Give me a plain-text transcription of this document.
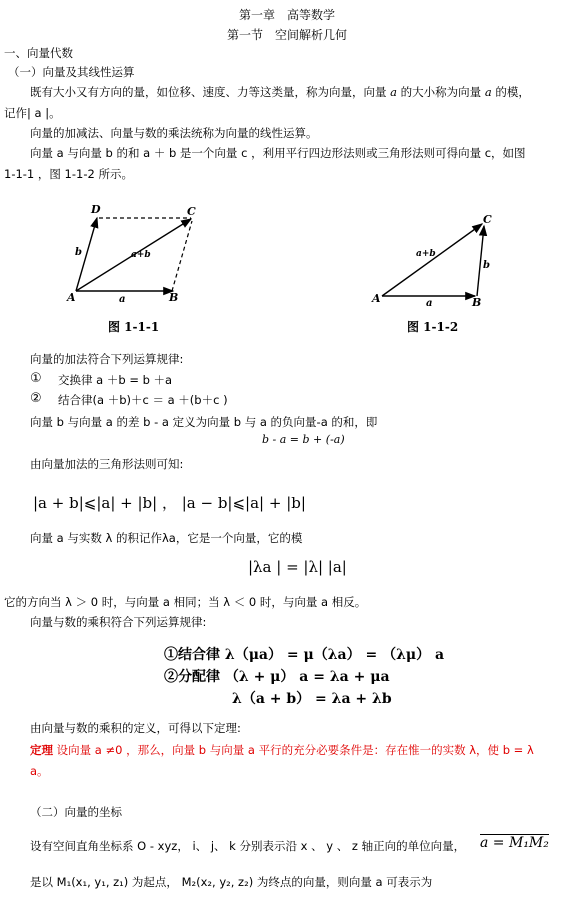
第一章　高等数学
第一节　空间解析几何
一、向量代数
（一）向量及其线性运算
既有大小又有方向的量，如位移、速度、力等这类量，称为向量，向量 a 的大小称为向量 a 的模，
记作| a |。
向量的加减法、向量与数的乘法统称为向量的线性运算。
向量 a 与向量 b 的和 a ＋ b 是一个向量 c ，利用平行四边形法则或三角形法则可得向量 c，如图
1-1-1 ，图 1-1-2 所示。
A	B
C
D
a
b	a+b
图 1-1-1
A	B
C
a
b
a+b
图 1-1-2
向量的加法符合下列运算规律:
① 交换律 a ＋b = b ＋a
② 结合律(a ＋b)＋c ＝ a ＋(b＋c )
向量 b 与向量 a 的差 b - a 定义为向量 b 与 a 的负向量-a 的和，即
b - a = b + (-a)
由向量加法的三角形法则可知:
|a + b|⩽|a| + |b| ， |a − b|⩽|a| + |b|
向量 a 与实数 λ 的积记作λa，它是一个向量，它的模
|λa | = |λ| |a|
它的方向当 λ ＞ 0 时，与向量 a 相同；当 λ ＜ 0 时，与向量 a 相反。
向量与数的乘积符合下列运算规律:
①结合律 λ（μa） = μ（λa） = （λμ） a
②分配律 （λ + μ） a = λa + μa
λ（a + b） = λa + λb
由向量与数的乘积的定义，可得以下定理:
定理 设向量 a ≠0 ，那么，向量 b 与向量 a 平行的充分必要条件是：存在惟一的实数 λ，使 b = λ
a。
（二）向量的坐标
设有空间直角坐标系 O - xyz， i、 j、 k 分别表示沿 x 、 y 、 z 轴正向的单位向量， a = M₁M₂
是以 M₁(x₁, y₁, z₁) 为起点， M₂(x₂, y₂, z₂) 为终点的向量，则向量 a 可表示为
